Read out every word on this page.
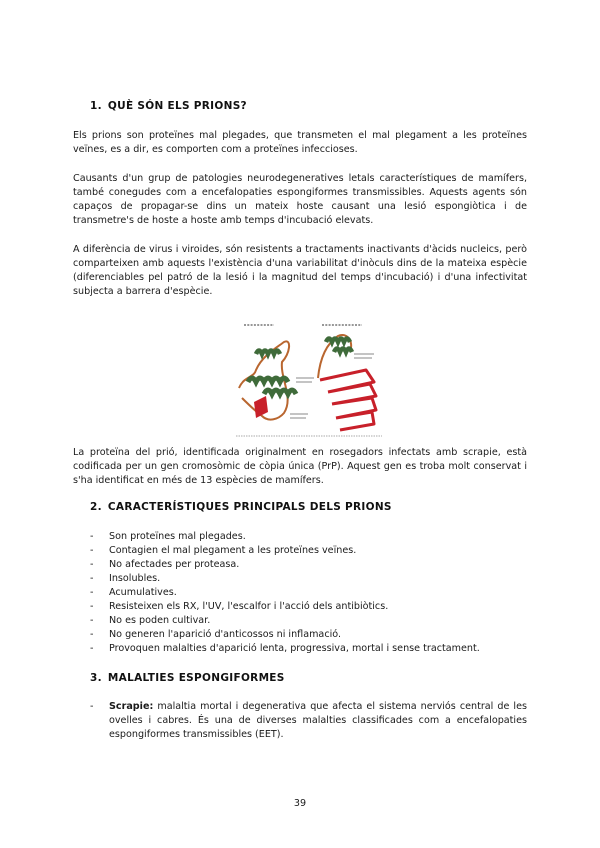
1. QUÈ SÓN ELS PRIONS?

Els prions son proteïnes mal plegades, que transmeten el mal plegament a les proteïnes veïnes, es a dir, es comporten com a proteïnes infeccioses.

Causants d'un grup de patologies neurodegeneratives letals característiques de mamífers, també conegudes com a encefalopaties espongiformes transmissibles. Aquests agents són capaços de propagar-se dins un mateix hoste causant una lesió espongiòtica i de transmetre's de hoste a hoste amb temps d'incubació elevats.

A diferència de virus i viroides, són resistents a tractaments inactivants d'àcids nucleics, però comparteixen amb aquests l'existència d'una variabilitat d'inòculs dins de la mateixa espècie (diferenciables pel patró de la lesió i la magnitud del temps d'incubació) i d'una infectivitat subjecta a barrera d'espècie.

La proteïna del prió, identificada originalment en rosegadors infectats amb scrapie, està codificada per un gen cromosòmic de còpia única (PrP). Aquest gen es troba molt conservat i s'ha identificat en més de 13 espècies de mamífers.

2. CARACTERÍSTIQUES PRINCIPALS DELS PRIONS
- Son proteïnes mal plegades.
- Contagien el mal plegament a les proteïnes veïnes.
- No afectades per proteasa.
- Insolubles.
- Acumulatives.
- Resisteixen els RX, l'UV, l'escalfor i l'acció dels antibiòtics.
- No es poden cultivar.
- No generen l'aparició d'anticossos ni inflamació.
- Provoquen malalties d'aparició lenta, progressiva, mortal i sense tractament.
3. MALALTIES ESPONGIFORMES
- Scrapie: malaltia mortal i degenerativa que afecta el sistema nerviós central de les ovelles i cabres. És una de diverses malalties classificades com a encefalopaties espongiformes transmissibles (EET).
39
